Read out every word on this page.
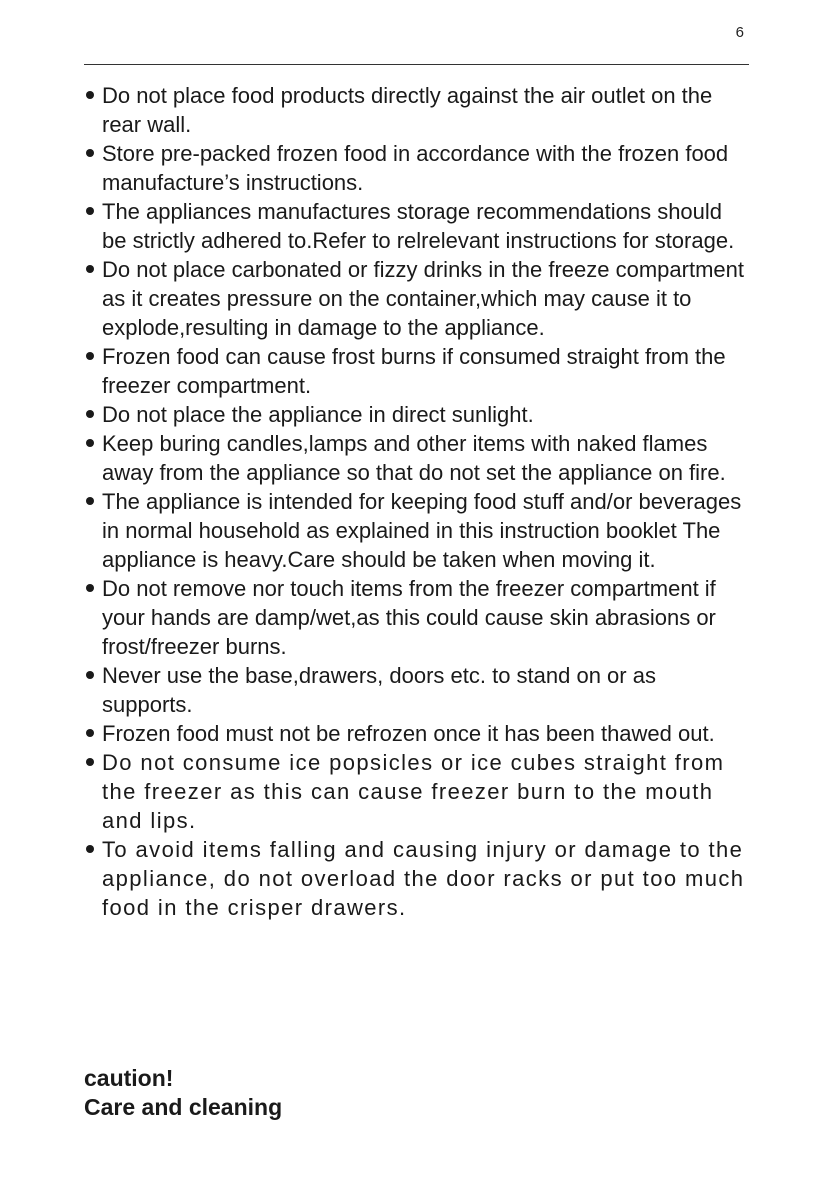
6
Do not place food products directly against the air outlet on the rear wall.
Store pre-packed frozen food in accordance with the frozen food manufacture’s instructions.
The appliances manufactures storage recommendations should be strictly adhered to.Refer to relrelevant instructions for storage.
Do not place carbonated or fizzy drinks in the freeze compartment as it creates pressure on the container,which may cause it to explode,resulting in damage to the appliance.
Frozen food can cause frost burns if consumed straight from the freezer compartment.
Do not place the appliance in direct sunlight.
Keep buring candles,lamps and other items with naked flames away from the appliance so that do not set the appliance on fire.
The appliance is intended for keeping food stuff and/or beverages in normal household as explained in this instruction booklet The appliance is heavy.Care should be taken when moving it.
Do not remove nor touch items from the freezer compartment if your hands are damp/wet,as this could cause skin abrasions or frost/freezer burns.
Never use the base,drawers, doors etc. to stand on or as supports.
Frozen food must not be refrozen once it has been thawed out.
Do not consume ice popsicles or ice cubes straight from the freezer as this can cause freezer burn to the mouth and lips.
To avoid items falling and causing injury or damage to the appliance, do not overload the door racks or put too much food in the crisper drawers.

caution!

Care and cleaning
